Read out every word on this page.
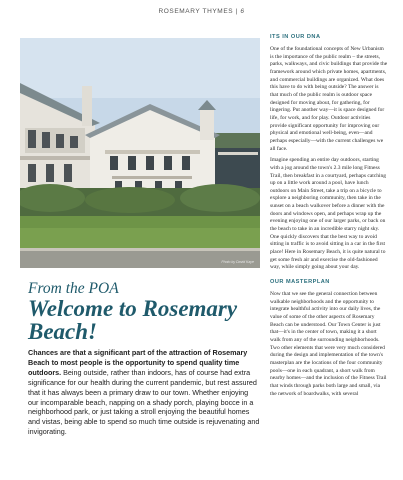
ROSEMARY THYMES | 6
Photo by David Kaye
From the POA
Welcome to Rosemary Beach!
Chances are that a significant part of the attraction of Rosemary Beach to most people is the opportunity to spend quality time outdoors. Being outside, rather than indoors, has of course had extra significance for our health during the current pandemic, but rest assured that it has always been a primary draw to our town. Whether enjoying our incomparable beach, napping on a shady porch, playing bocce in a neighborhood park, or just taking a stroll enjoying the beautiful homes and vistas, being able to spend so much time outside is rejuvenating and invigorating.
ITS IN OUR DNA

One of the foundational concepts of New Urbanism is the importance of the public realm – the streets, parks, walkways, and civic buildings that provide the framework around which private homes, apartments, and commercial buildings are organized. What does this have to do with being outside? The answer is that much of the public realm is outdoor space designed for moving about, for gathering, for lingering. Put another way—it is space designed for life, for work, and for play. Outdoor activities provide significant opportunity for improving our physical and emotional well-being, even—and perhaps especially—with the current challenges we all face.

Imagine spending an entire day outdoors, starting with a jog around the town's 2.3 mile long Fitness Trail, then breakfast in a courtyard, perhaps catching up on a little work around a pool, have lunch outdoors on Main Street, take a trip on a bicycle to explore a neighboring community, then take in the sunset on a beach walkover before a dinner with the doors and windows open, and perhaps wrap up the evening enjoying one of our larger parks, or back on the beach to take in an incredible starry night sky. One quickly discovers that the best way to avoid sitting in traffic is to avoid sitting in a car in the first place! Here in Rosemary Beach, it is quite natural to get some fresh air and exercise the old-fashioned way, while simply going about your day.

OUR MASTERPLAN

Now that we see the general connection between walkable neighborhoods and the opportunity to integrate healthful activity into our daily lives, the value of some of the other aspects of Rosemary Beach can be understood. Our Town Center is just that—it's in the center of town, making it a short walk from any of the surrounding neighborhoods. Two other elements that were very much considered during the design and implementation of the town's masterplan are the locations of the four community pools—one in each quadrant, a short walk from nearby homes—and the inclusion of the Fitness Trail that winds through parks both large and small, via the network of boardwalks, with several
